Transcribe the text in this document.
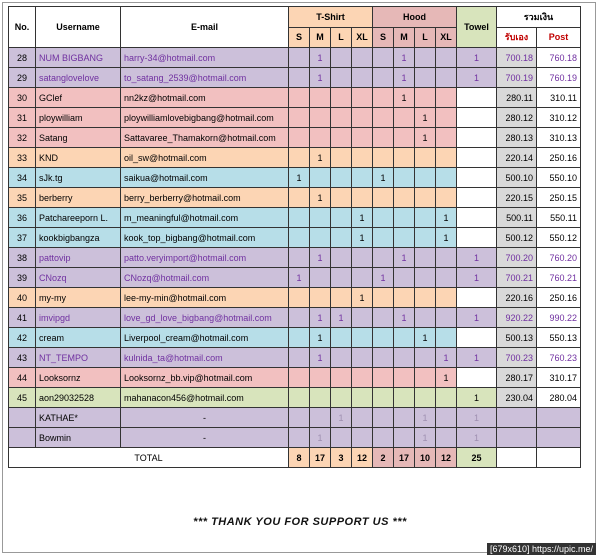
No.	Username	E-mail	T-Shirt				Hood				Towel	รวมเงิน	
			S	M	L	XL	S	M	L	XL		รับเอง	Post
28	NUM BIGBANG	harry-34@hotmail.com		1				1			1	700.18	760.18
29	satanglovelove	to_satang_2539@hotmail.com		1				1			1	700.19	760.19
30	GClef	nn2kz@hotmail.com						1				280.11	310.11
31	ploywilliam	ploywilliamlovebigbang@hotmail.com							1			280.12	310.12
32	Satang	Sattavaree_Thamakorn@hotmail.com							1			280.13	310.13
33	KND	oil_sw@hotmail.com		1								220.14	250.16
34	sJk.tg	saikua@hotmail.com	1				1					500.10	550.10
35	berberry	berry_berberry@hotmail.com		1								220.15	250.15
36	Patchareeporn L.	m_meaningful@hotmail.com				1				1		500.11	550.11
37	kookbigbangza	kook_top_bigbang@hotmail.com				1				1		500.12	550.12
38	pattovip	patto.veryimport@hotmail.com		1				1			1	700.20	760.20
39	CNozq	CNozq@hotmail.com	1				1				1	700.21	760.21
40	my-my	lee-my-min@hotmail.com				1						220.16	250.16
41	imvipgd	love_gd_love_bigbang@hotmail.com		1	1			1			1	920.22	990.22
42	cream	Liverpool_cream@hotmail.com		1					1			500.13	550.13
43	NT_TEMPO	kulnida_ta@hotmail.com		1						1	1	700.23	760.23
44	Looksornz	Looksornz_bb.vip@hotmail.com								1		280.17	310.17
45	aon29032528	mahanacon456@hotmail.com									1	230.04	280.04
	KATHAE*	-			1				1		1		
	Bowmin	-		1					1		1		
TOTAL			8	17	3	12	2	17	10	12	25		
*** THANK YOU FOR SUPPORT US ***
[679x610] https://upic.me/
